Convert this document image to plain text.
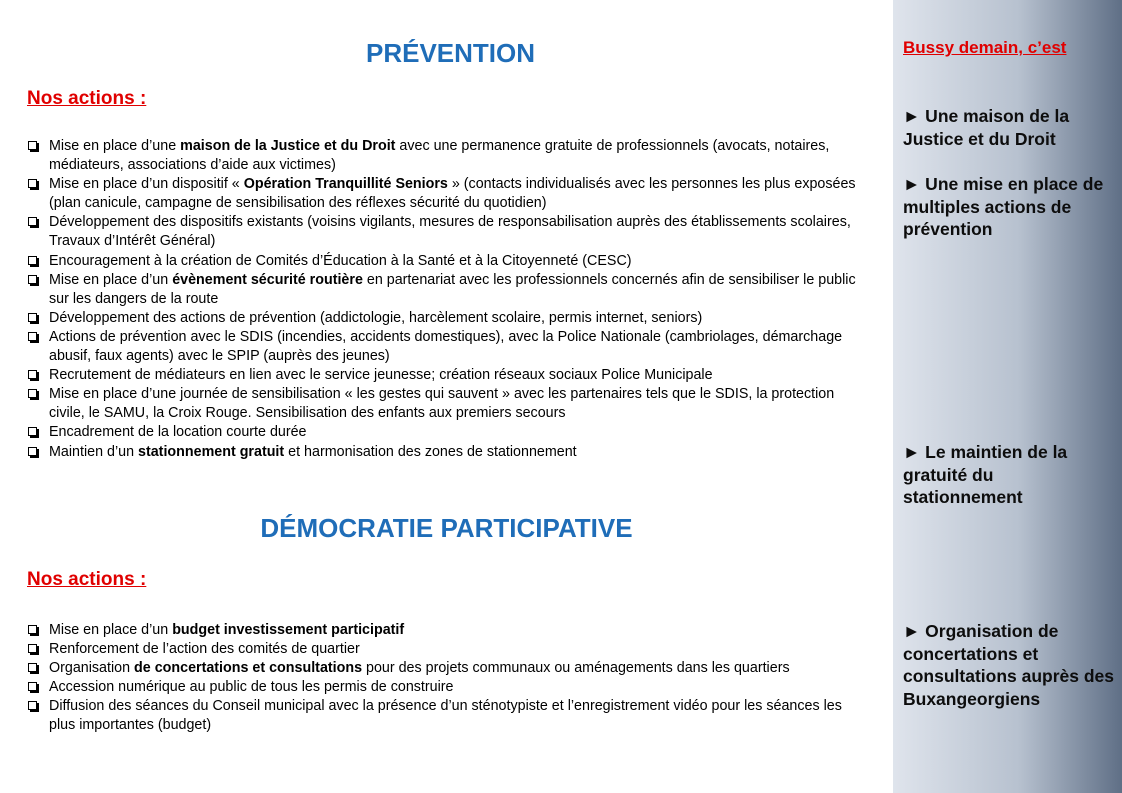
PRÉVENTION
Nos actions :
Mise en place d’une maison de la Justice et du Droit avec une permanence gratuite de professionnels (avocats, notaires, médiateurs, associations d’aide aux victimes)
Mise en place d’un dispositif « Opération Tranquillité Seniors » (contacts individualisés avec les personnes les plus exposées (plan canicule, campagne de sensibilisation des réflexes sécurité du quotidien)
Développement des dispositifs existants (voisins vigilants, mesures de responsabilisation auprès des établissements scolaires, Travaux d’Intérêt Général)
Encouragement à la création de Comités d’Éducation à la Santé et à la Citoyenneté (CESC)
Mise en place d’un évènement sécurité routière en partenariat avec les professionnels concernés afin de sensibiliser le public sur les dangers de la route
Développement des actions de prévention (addictologie, harcèlement scolaire, permis internet, seniors)
Actions de prévention avec le SDIS (incendies, accidents domestiques), avec la Police Nationale (cambriolages, démarchage abusif, faux agents) avec le SPIP (auprès des jeunes)
Recrutement de médiateurs en lien avec le service jeunesse; création réseaux sociaux Police Municipale
Mise en place d’une journée de sensibilisation « les gestes qui sauvent » avec les partenaires tels que le SDIS, la protection civile, le SAMU, la Croix Rouge. Sensibilisation des enfants aux premiers secours
Encadrement de la location courte durée
Maintien d’un stationnement gratuit et harmonisation des zones de stationnement
DÉMOCRATIE PARTICIPATIVE
Nos actions :
Mise en place d’un budget investissement participatif
Renforcement de l’action des comités de quartier
Organisation de concertations et consultations pour des projets communaux ou aménagements dans les quartiers
Accession numérique au public de tous les permis de construire
Diffusion des séances du Conseil municipal avec la présence d’un sténotypiste et l’enregistrement vidéo pour les séances les plus importantes (budget)
Bussy demain, c’est
► Une maison de la Justice et du Droit
► Une mise en place de multiples actions de prévention
► Le maintien de la gratuité du stationnement
► Organisation de concertations et consultations auprès des Buxangeorgiens
